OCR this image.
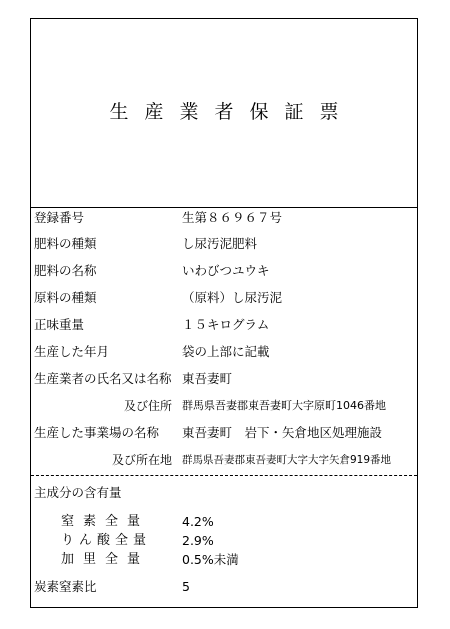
生産業者保証票
登録番号	生第８６９６７号
肥料の種類	し尿汚泥肥料
肥料の名称	いわびつユウキ
原料の種類	（原料）し尿汚泥
正味重量	１５キログラム
生産した年月	袋の上部に記載
生産業者の氏名又は名称 東吾妻町
及び住所 群馬県吾妻郡東吾妻町大字原町1046番地
生産した事業場の名称 東吾妻町　岩下・矢倉地区処理施設
及び所在地 群馬県吾妻郡東吾妻町大字大字矢倉919番地
主成分の含有量
窒素全量	4.2%
りん酸全量 2.9%
加里全量	0.5%未満
炭素窒素比	5
